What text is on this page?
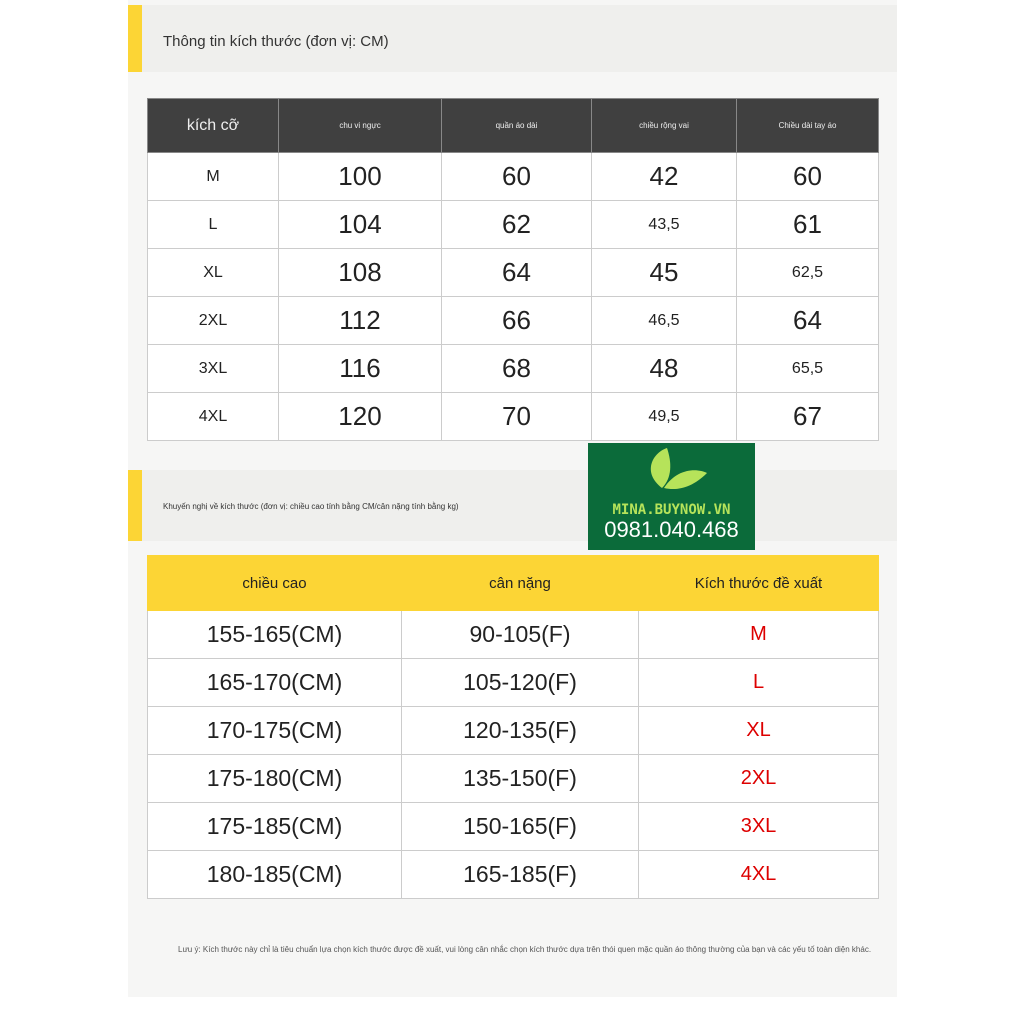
Thông tin kích thước (đơn vị: CM)
kích cỡ	chu vi ngực	quần áo dài	chiều rộng vai	Chiều dài tay áo
M	100	60	42	60
L	104	62	43,5	61
XL	108	64	45	62,5
2XL	112	66	46,5	64
3XL	116	68	48	65,5
4XL	120	70	49,5	67
Khuyến nghị về kích thước (đơn vị: chiều cao tính bằng CM/cân nặng tính bằng kg)	MINA.BUYNOW.VN
0981.040.468
chiều cao	cân nặng	Kích thước đề xuất
155-165(CM)	90-105(F)	M
165-170(CM)	105-120(F)	L
170-175(CM)	120-135(F)	XL
175-180(CM)	135-150(F)	2XL
175-185(CM)	150-165(F)	3XL
180-185(CM)	165-185(F)	4XL
Lưu ý: Kích thước này chỉ là tiêu chuẩn lựa chọn kích thước được đề xuất, vui lòng cân nhắc chọn kích thước dựa trên thói quen mặc quần áo thông thường của bạn và các yếu tố toàn diện khác.
